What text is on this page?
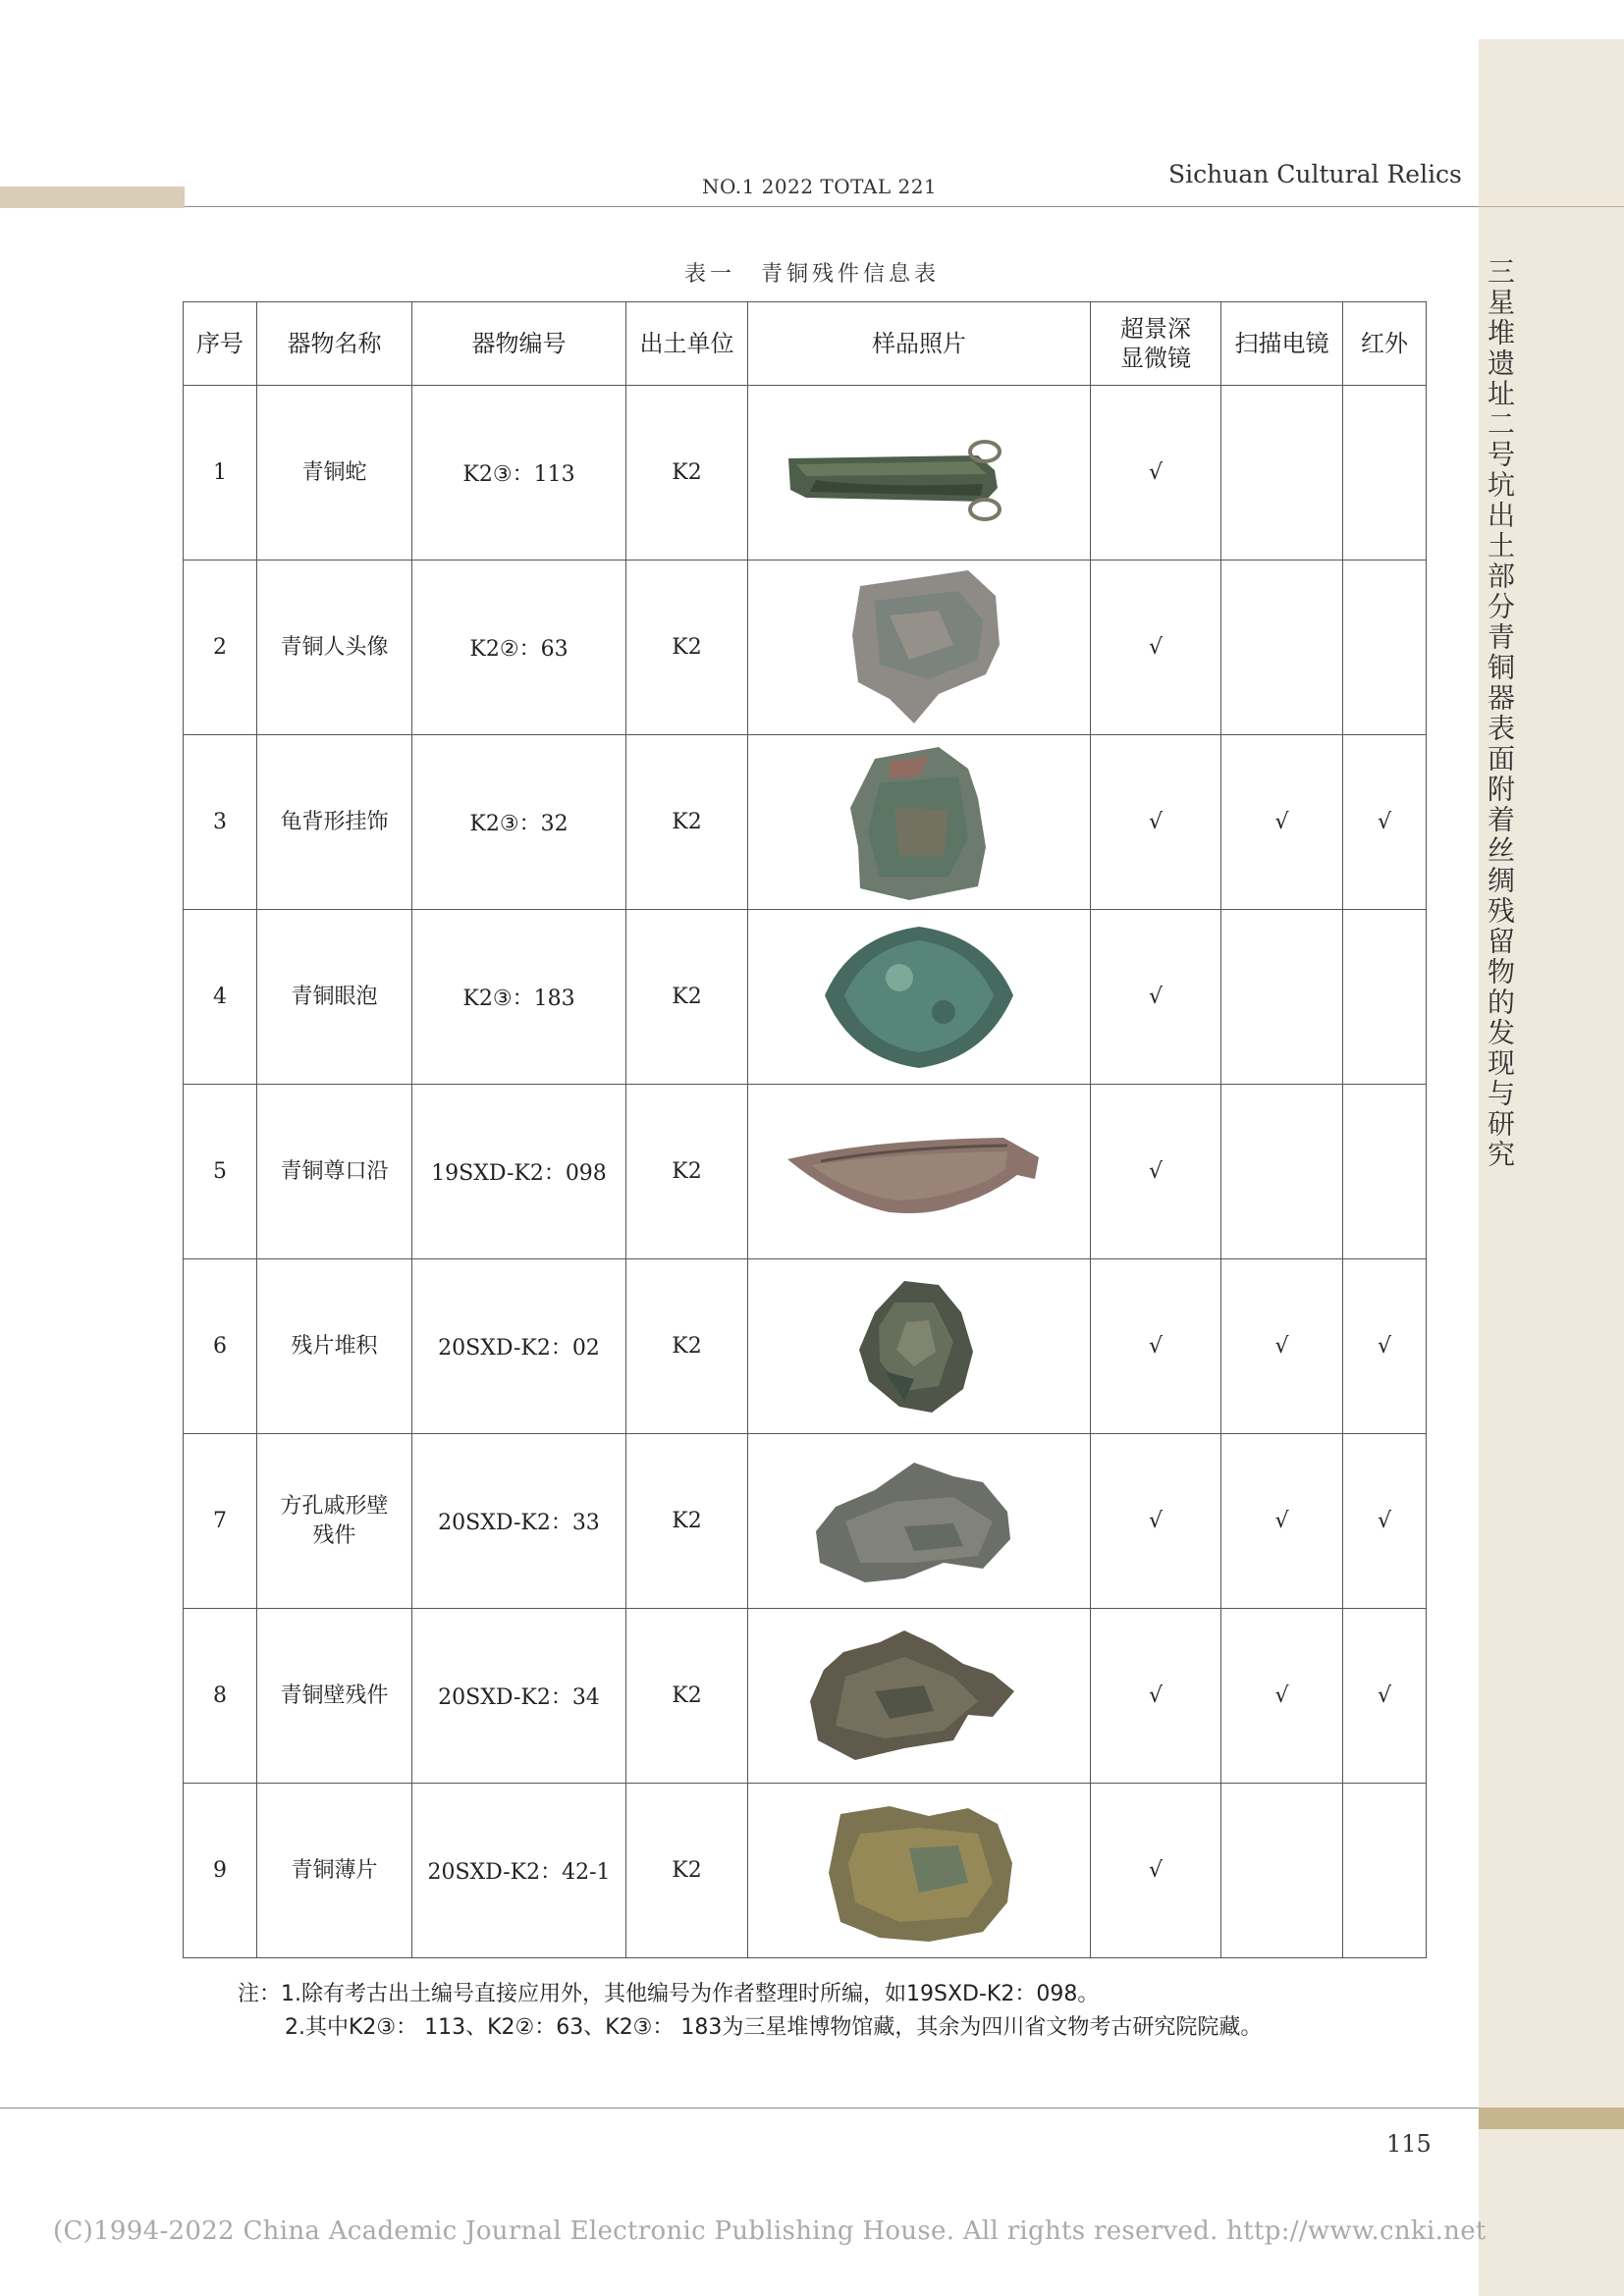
三星堆遗址二号坑出土部分青铜器表面附着丝绸残留物的发现与研究
NO.1 2022 TOTAL 221	Sichuan Cultural Relics
表一　青铜残件信息表
序号	器物名称	器物编号	出土单位	样品照片	超景深显微镜	扫描电镜	红外
1	青铜蛇	K2③：113	K2		√		
2	青铜人头像	K2②：63	K2		√		
3	龟背形挂饰	K2③：32	K2		√	√	√
4	青铜眼泡	K2③：183	K2		√		
5	青铜尊口沿	19SXD-K2：098	K2		√		
6	残片堆积	20SXD-K2：02	K2		√	√	√
7	方孔戚形壁残件	20SXD-K2：33	K2		√	√	√
8	青铜壁残件	20SXD-K2：34	K2		√	√	√
9	青铜薄片	20SXD-K2：42-1	K2		√		
注：1.除有考古出土编号直接应用外，其他编号为作者整理时所编，如19SXD-K2：098。
2.其中K2③： 113、K2②：63、K2③： 183为三星堆博物馆藏，其余为四川省文物考古研究院院藏。
115
(C)1994-2022 China Academic Journal Electronic Publishing House. All rights reserved. http://www.cnki.net
